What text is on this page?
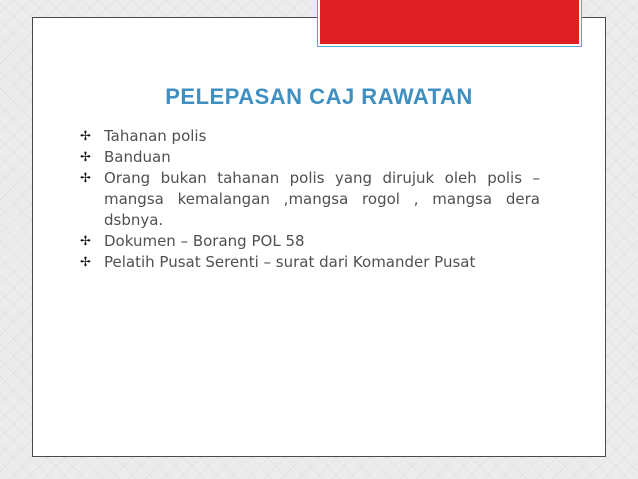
PELEPASAN CAJ RAWATAN
✢ Tahanan polis
✢ Banduan
✢ Orang bukan tahanan polis yang dirujuk oleh polis –mangsa kemalangan ,mangsa rogol , mangsa dera dsbnya.
✢ Dokumen – Borang POL 58
✢ Pelatih Pusat Serenti – surat dari Komander Pusat
